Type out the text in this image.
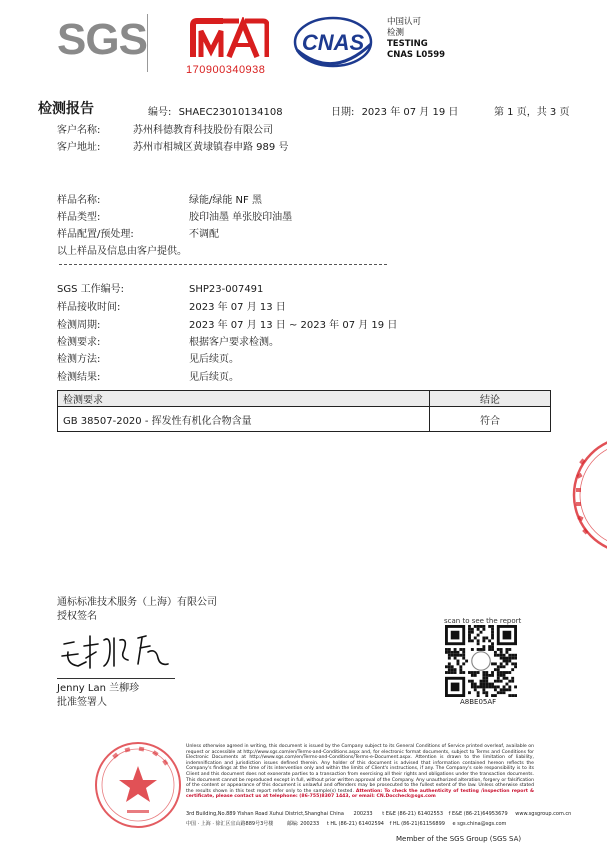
SGS
170900340938
CNAS
中国认可
检测
TESTING
CNAS L0599
检测报告	编号: SHAEC23010134108	日期: 2023 年 07 月 19 日	第 1 页，共 3 页
客户名称:	苏州科德教育科技股份有限公司
客户地址:	苏州市相城区黄埭镇春申路 989 号
样品名称:	绿能/绿能 NF 黑
样品类型:	胶印油墨 单张胶印油墨
样品配置/预处理:	不调配
以上样品及信息由客户提供。
SGS 工作编号:	SHP23-007491
样品接收时间:	2023 年 07 月 13 日
检测周期:	2023 年 07 月 13 日 ~ 2023 年 07 月 19 日
检测要求:	根据客户要求检测。
检测方法:	见后续页。
检测结果:	见后续页。
检测要求	结论
GB 38507-2020 - 挥发性有机化合物含量	符合
通标标准技术服务（上海）有限公司
授权签名
Jenny Lan 兰柳珍
批准签署人
scan to see the report
A8BE05AF
Unless otherwise agreed in writing, this document is issued by the Company subject to its General Conditions of Service printed overleaf, available on request or accessible at http://www.sgs.com/en/Terms-and-Conditions.aspx and, for electronic format documents, subject to Terms and Conditions for Electronic Documents at http://www.sgs.com/en/Terms-and-Conditions/Terms-e-Document.aspx. Attention is drawn to the limitation of liability, indemnification and jurisdiction issues defined therein. Any holder of this document is advised that information contained hereon reflects the Company's findings at the time of its intervention only and within the limits of Client's instructions, if any. The Company's sole responsibility is to its Client and this document does not exonerate parties to a transaction from exercising all their rights and obligations under the transaction documents. This document cannot be reproduced except in full, without prior written approval of the Company. Any unauthorized alteration, forgery or falsification of the content or appearance of this document is unlawful and offenders may be prosecuted to the fullest extent of the law. Unless otherwise stated the results shown in this test report refer only to the sample(s) tested. Attention: To check the authenticity of testing /inspection report & certificate, please contact us at telephone: (86-755)8307 1443, or email: CN.Doccheck@sgs.com
3rd Building,No.889 Yishan Road Xuhui District,Shanghai China 200233 t E&E (86-21) 61402553 f E&E (86-21)64953679 www.sgsgroup.com.cn
中国 · 上海 · 徐汇区宜山路889号3号楼	邮编: 200233 t HL (86-21) 61402594 f HL (86-21)61156899 e sgs.china@sgs.com
Member of the SGS Group (SGS SA)
